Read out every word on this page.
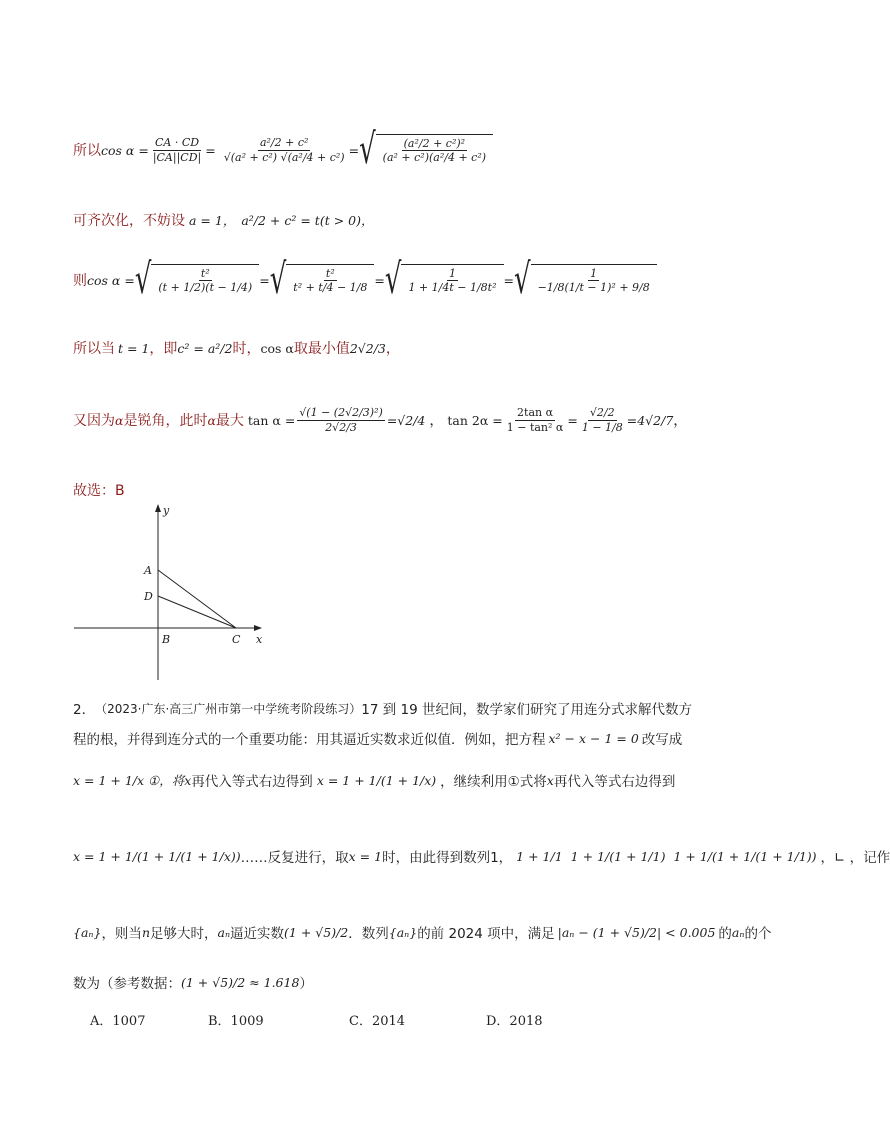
所以 $\cos \alpha = \frac{CA \cdot CD}{|CA||CD|} = \frac{\text{a²/2 + c²}}{\text{√(a² + c²) √(a²/4 + c²)}}$ = √ $\frac{\text{(a²/2 + c²)²}}{\text{(a² + c²)(a²/4 + c²)}}$
可齐次化，不妨设 a = 1， a²/2 + c² = t(t > 0)，
则 cos α = √ $\frac{\text{t²}}{(t + 1/2)(t - 1/4)}$ = √ $\frac{\text{t²}}{\text{t² + t/4 − 1/8}}$ = √ $\frac{1}{\text{1 + 1/4t − 1/8t²}}$ = √ $\frac{1}{\text{−1/8(1/t − 1)² + 9/8}}$
所以当 t = 1 ，即 c² = a²/2 时， cos α 取最小值 2√2/3 ，
又因为 α 是锐角，此时 α 最大 $\tan \alpha = \frac{\text{√(1 − (2√2/3)²)}}{2√2/3} = √2/4$ ， $\tan 2\alpha = \frac{\text{2tan α}}{\text{1 − tan² α}} = \frac{√2/2}{1 - 1/8} = 4√2/7$ ，
故选：B
y
x
A
D
B	C
2． （2023·广东·高三广州市第一中学统考阶段练习） 17 到 19 世纪间，数学家们研究了用连分式求解代数方
程的根，并得到连分式的一个重要功能：用其逼近实数求近似值．例如，把方程 x² − x − 1 = 0 改写成
x = 1 + 1/x ①，将 x 再代入等式右边得到 x = 1 + 1/(1 + 1/x) ，继续利用①式将 x 再代入等式右边得到
x = 1 + 1/(1 + 1/(1 + 1/x)) ……反复进行，取 x = 1 时，由此得到数列1， 1 + 1/1 1 + 1/(1 + 1/1) 1 + 1/(1 + 1/(1 + 1/1)) ，∟ ，记作
{aₙ} ，则当 n 足够大时， aₙ 逼近实数 (1 + √5)/2 ．数列 {aₙ} 的前 2024 项中，满足 |aₙ − (1 + √5)/2| < 0.005 的 aₙ 的个
数为（参考数据： (1 + √5)/2 ≈ 1.618 ）
A．1007	B．1009	C．2014	D．2018
